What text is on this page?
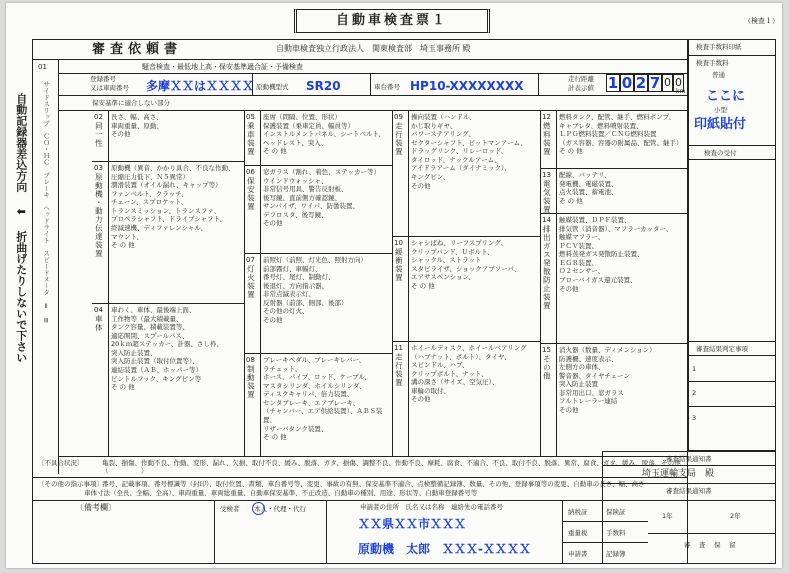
自動車検査票１	（検査１）
自動記録器差込方向 ⬅ 折曲げたりしないで下さい
審査依頼書	自動車検査独立行政法人　関東検査部　埼玉事務所 殿
01
サイドスリップ　ＣＯ・ＨＣ　ブレーキ　ヘッドライト　スピードメータ　Ⅱ　Ⅲ
騒音検査・最低地上高・保安基準適合証・予備検査
登録番号
又は車両番号 多摩ＸＸはＸＸＸＸ 原動機型式 SR20	車台番号 HP10-XXXXXXXX	走行距離
計表示値 1 0 2 7 0 0
km
保安基準に適合しない部分
02
同一性
長さ、幅、高さ、
車両重量、原動、
その他
03
原動機・動力伝達装置
原動機（異音、かかり具合、不良な作動、
圧縮圧力低下、Ｎ５異常）
潤滑装置（オイル漏れ、キャップ等）
ファンベルト、クラッチ、
チェーン、スプロケット、
トランスミッション、トランスファ、
プロペラシャフト、ドライブシャフト、
終減速機、ディファレンシャル、
マウント、
そ の 他
04
車体
車わく、車体、最後端上面、
工作物等（最大積載量、
タンク容量、積載装置等、
適応開閉、スプールバス、
20ｋｍ超ステッカー、計器、さし枠、
突入防止装置、
突入防止装置（取付位置等）、
連結装置（ＡＢ、ホッパー等）
ピントルフック、キングピン等
そ の 他
05
乗車装置
座席（間隔、位置、形状）
保護装置（乗車定員、幅員等）
インストルメントパネル、シートベルト、
ヘッドレスト、突入、
そ の 他
06
保安装置
窓ガラス（割れ、着色、ステッカー等）
ウインドウォッシャ、
非常信号用具、警告反射板、
後写鏡、直前側方確認鏡、
サンバイザ、ワイパ、防曇装置、
デフロスタ、後写鏡、
その他
07
灯火装置
前照灯（前照、灯光色、照射方向）
前部霧灯、車幅灯、
番号灯、尾灯、制動灯、
後退灯、方向指示器、
非常点滅表示灯、
反射器（前部、側部、後部）
その他の灯火、
その他
08
制動装置
ブレーキペダル、ブレーキレバー、
ラチェット、
ホース、パイプ、ロッド、ケーブル、
マスタシリンダ、ホイルシリンダ、
ディスクキャリパ、倍力装置、
センタブレーキ、エアブレーキ、
（チャンバー、エア供給装置）、ＡＢＳ装置、
リザーバタンク装置、
そ の 他
09
走行装置
操向装置（ハンドル、
かじ取りギヤ、
パワーステアリング、
セクターシャフト、ピットマンアーム、
ドラッグリンク、リレーロッド、
タイロッド、ナックルアーム、
アイドラアーム（ダイナミック）、
キングピン、
その他
10
緩衝装置
シャシばね、リーフスプリング、
クリップバンド、Ｕボルト、
シャックル、ストラット
スタビライザ、ショックアブソーバ、
エアサスペンション、
そ の 他
11
走行装置
ホイールディスク、ホイールベアリング
（ハブナット、ボルト）、タイヤ、
スピンドル、ハブ、
クリップボルト、ナット、
溝の深さ（サイズ、空気圧）、
車輪の取付、
その他
12
燃料装置
燃料タンク、配管、継手、燃料ポンプ、
キャブレタ、燃料噴射装置、
ＬＰＧ燃料装置／ＣＮＧ燃料装置
（ガス容器、容器の附属品、配管、継手）
そ の 他
13
電気装置
配線、バッテリ、
発電機、電磁装置、
点火装置、蓄電池、
そ の 他
14
排出ガス発散防止装置
触媒装置、ＤＰＦ装置、
排気管（消音器）、マフラーカッター、
触媒マフラー、
ＰＣＶ装置、
燃料蒸発ガス発散防止装置、
ＥＧＲ装置、
Ｏ２センサー、
ブローバイガス還元装置、
その他
15
その他
消火器（数量、ディメンション）
防護柵、速度表示、
左側方の車体、
警音器、タイヤチェーン
突入防止装置
非常用出口、窓ガラス
フルトレーラー連結
その他
〔不具合状況〕	亀裂、損傷、作動不良、作動、変形、漏れ、欠損、取付不良、緩み、脱落、ガタ、損傷、調整不良、作動不良、摩耗、腐食、不適合、不良、取付不良、脱落、異常、腐食、ガタ、緩み、脱落、その他（　　　　　）
〔その他の指示事項〕 番号、記載事項、番号標識等（封印）、取付位置、書類、車台番号等、変更、事故の有無、保安基準不適合、点検整備記録簿、数量、その他、登録事項等の変更、自動車の長さ、幅、高さ
車体寸法（全長、全幅、全高）、車両重量、車両総重量、自動車保安基準、不正改造、自動車の種別、用途、形状等、自動車登録番号等
〔備考欄〕	受検者 本人・代理・代行	申請者の住所　氏名又は名称　連絡先の電話番号
ＸＸ県ＸＸ市ＸＸＸ
原動機　太郎　ＸＸＸ-ＸＸＸＸ
納税証	保険証
重量税	手数料
申請書	記録簿
検査手数料印紙
検査手数料
普通
ここに
小型
印紙貼付
検査の受付
審査結果判定事項
1
2
3
審査結果通知書
埼玉運輸支局　殿
審査結果通知書
1年	2年
審　査　保　留
